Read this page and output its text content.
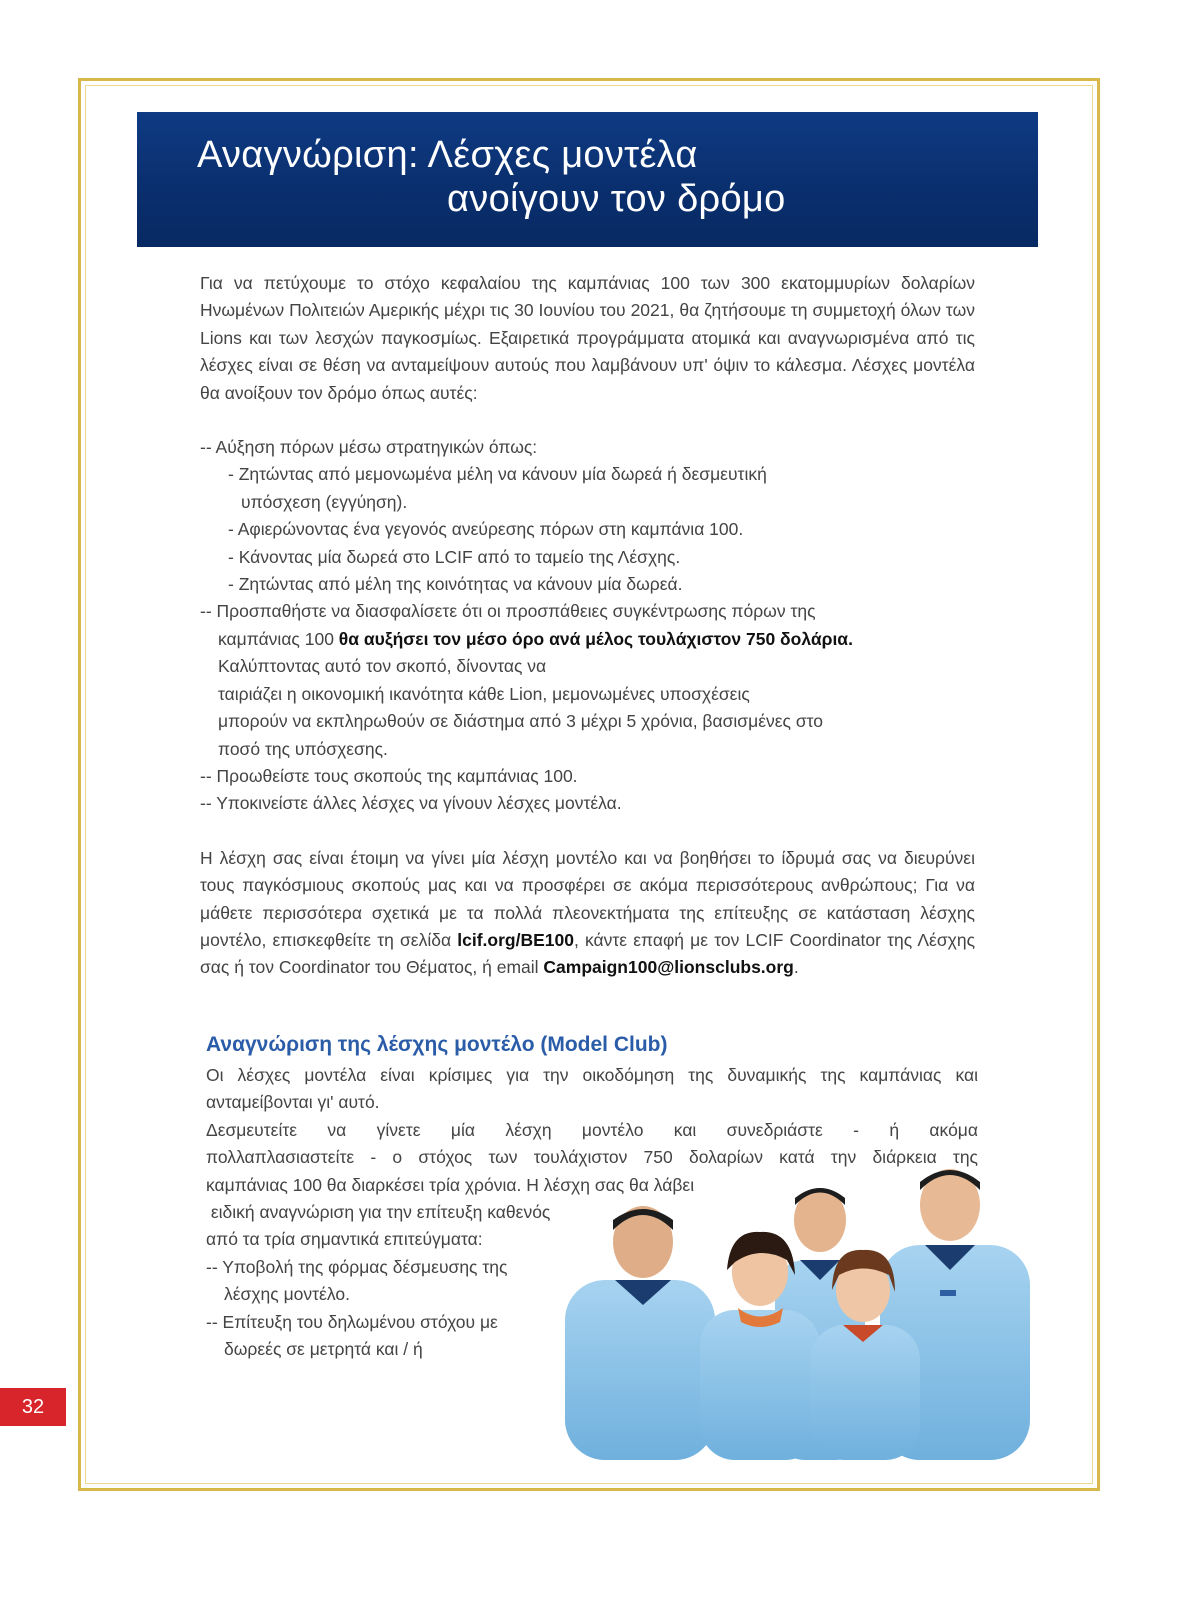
Αναγνώριση: Λέσχες μοντέλα
ανοίγουν τον δρόμο

Για να πετύχουμε το στόχο κεφαλαίου της καμπάνιας 100 των 300 εκατομμυρίων δολαρίων Ηνωμένων Πολιτειών Αμερικής μέχρι τις 30 Ιουνίου του 2021, θα ζητήσουμε τη συμμετοχή όλων των Lions και των λεσχών παγκοσμίως. Εξαιρετικά προγράμματα ατομικά και αναγνωρισμένα από τις λέσχες είναι σε θέση να ανταμείψουν αυτούς που λαμβάνουν υπ' όψιν το κάλεσμα. Λέσχες μοντέλα θα ανοίξουν τον δρόμο όπως αυτές:

-- Αύξηση πόρων μέσω στρατηγικών όπως:
- Ζητώντας από μεμονωμένα μέλη να κάνουν μία δωρεά ή δεσμευτική
υπόσχεση (εγγύηση).
- Αφιερώνοντας ένα γεγονός ανεύρεσης πόρων στη καμπάνια 100.
- Κάνοντας μία δωρεά στο LCIF από το ταμείο της Λέσχης.
- Ζητώντας από μέλη της κοινότητας να κάνουν μία δωρεά.
-- Προσπαθήστε να διασφαλίσετε ότι οι προσπάθειες συγκέντρωσης πόρων της
καμπάνιας 100 θα αυξήσει τον μέσο όρο ανά μέλος τουλάχιστον 750 δολάρια.
Καλύπτοντας αυτό τον σκοπό, δίνοντας να
ταιριάζει η οικονομική ικανότητα κάθε Lion, μεμονωμένες υποσχέσεις
μπορούν να εκπληρωθούν σε διάστημα από 3 μέχρι 5 χρόνια, βασισμένες στο
ποσό της υπόσχεσης.
-- Προωθείστε τους σκοπούς της καμπάνιας 100.
-- Υποκινείστε άλλες λέσχες να γίνουν λέσχες μοντέλα.

Η λέσχη σας είναι έτοιμη να γίνει μία λέσχη μοντέλο και να βοηθήσει το ίδρυμά σας να διευρύνει τους παγκόσμιους σκοπούς μας και να προσφέρει σε ακόμα περισσότερους ανθρώπους; Για να μάθετε περισσότερα σχετικά με τα πολλά πλεονεκτήματα της επίτευξης σε κατάσταση λέσχης μοντέλο, επισκεφθείτε τη σελίδα lcif.org/BE100, κάντε επαφή με τον LCIF Coordinator της Λέσχης σας ή τον Coordinator του Θέματος, ή email Campaign100@lionsclubs.org.

Αναγνώριση της λέσχης μοντέλο (Model Club)
Οι λέσχες μοντέλα είναι κρίσιμες για την οικοδόμηση της δυναμικής της καμπάνιας και ανταμείβονται γι' αυτό.
Δεσμευτείτε να γίνετε μία λέσχη μοντέλο και συνεδριάστε - ή ακόμα
πολλαπλασιαστείτε - ο στόχος των τουλάχιστον 750 δολαρίων κατά την διάρκεια της
καμπάνιας 100 θα διαρκέσει τρία χρόνια. Η λέσχη σας θα λάβει
ειδική αναγνώριση για την επίτευξη καθενός
από τα τρία σημαντικά επιτεύγματα:
-- Υποβολή της φόρμας δέσμευσης της
λέσχης μοντέλο.
-- Επίτευξη του δηλωμένου στόχου με
δωρεές σε μετρητά και / ή
32
